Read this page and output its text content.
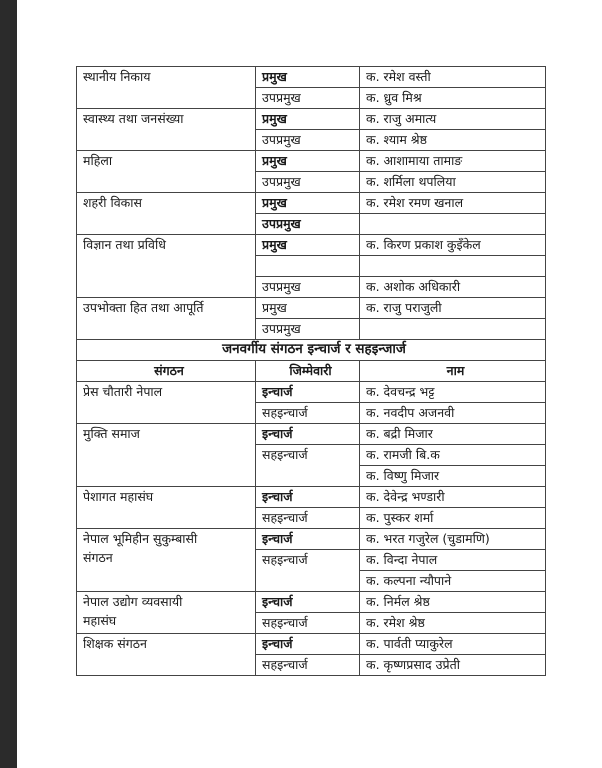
स्थानीय निकाय	प्रमुख	क. रमेश वस्ती
	उपप्रमुख	क. ध्रुव मिश्र
स्वास्थ्य तथा जनसंख्या	प्रमुख	क. राजु अमात्य
	उपप्रमुख	क. श्याम श्रेष्ठ
महिला	प्रमुख	क. आशामाया तामाङ
	उपप्रमुख	क. शर्मिला थपलिया
शहरी विकास	प्रमुख	क. रमेश रमण खनाल
	उपप्रमुख	
विज्ञान तथा प्रविधि	प्रमुख	क. किरण प्रकाश कुइँकेल

	उपप्रमुख	क. अशोक अधिकारी
उपभोक्ता हित तथा आपूर्ति	प्रमुख	क. राजु पराजुली
	उपप्रमुख	
जनवर्गीय संगठन इन्चार्ज र सहइन्जार्ज		
संगठन	जिम्मेवारी	नाम

प्रेस चौतारी नेपाल	इन्चार्ज	क. देवचन्द्र भट्ट
	सहइन्चार्ज	क. नवदीप अजनवी

मुक्ति समाज	इन्चार्ज	क. बद्री मिजार
	सहइन्चार्ज	क. रामजी बि.क
		क. विष्णु मिजार

पेशागत महासंघ	इन्चार्ज	क. देवेन्द्र भण्डारी
	सहइन्चार्ज	क. पुस्कर शर्मा

नेपाल भूमिहीन सुकुम्बासी
संगठन	इन्चार्ज	क. भरत गजुरेल (चुडामणि)
	सहइन्चार्ज	क. विन्दा नेपाल
		क. कल्पना न्यौपाने

नेपाल उद्योग व्यवसायी
महासंघ	इन्चार्ज	क. निर्मल श्रेष्ठ
	सहइन्चार्ज	क. रमेश श्रेष्ठ

शिक्षक संगठन	इन्चार्ज	क. पार्वती प्याकुरेल
	सहइन्चार्ज	क. कृष्णप्रसाद उप्रेती
